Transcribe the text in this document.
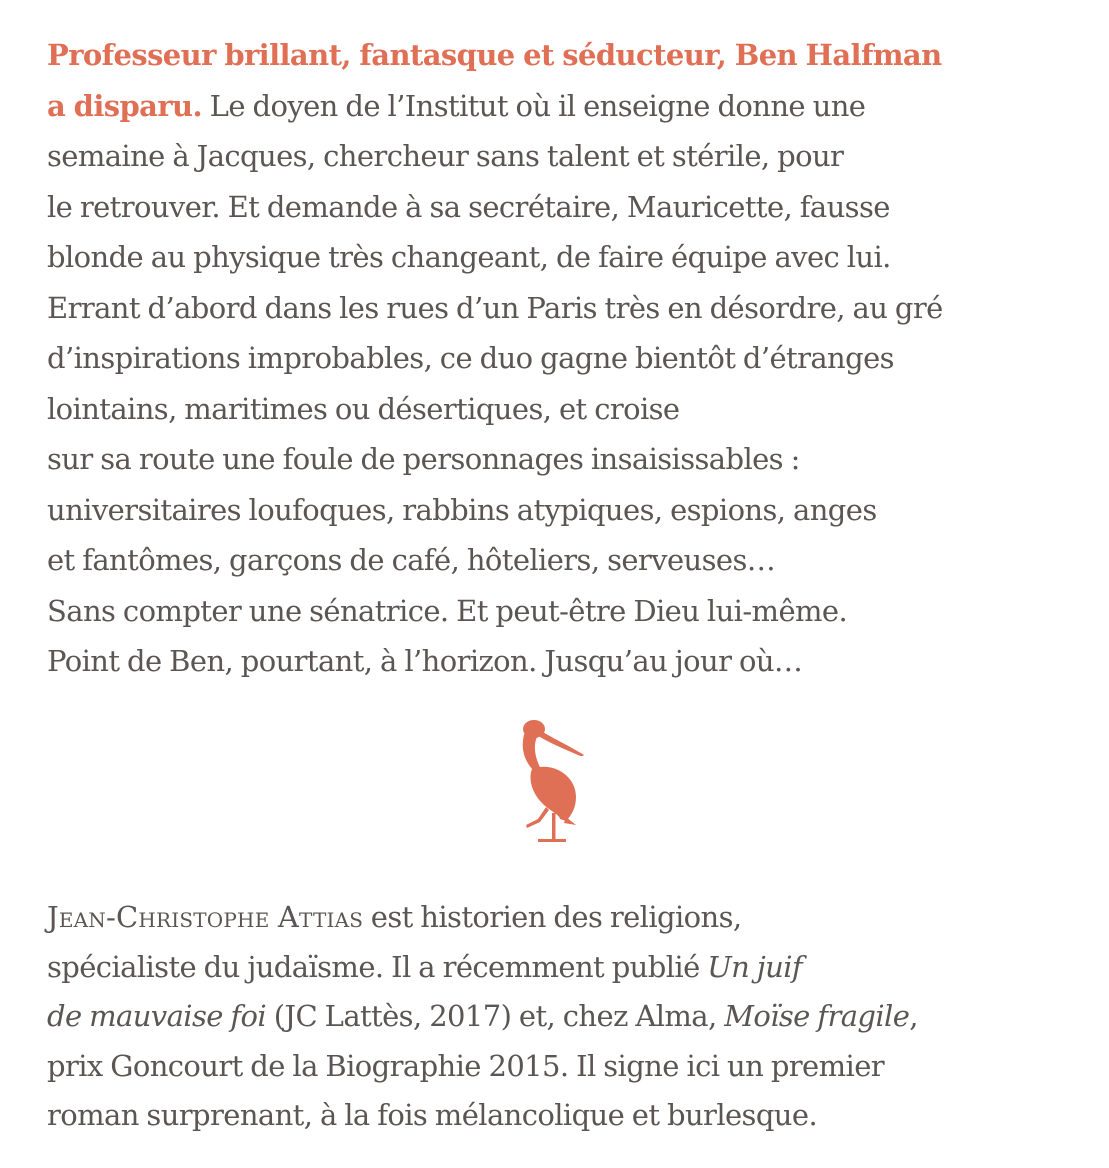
Professeur brillant, fantasque et séducteur, Ben Halfman
a disparu. Le doyen de l’Institut où il enseigne donne une
semaine à Jacques, chercheur sans talent et stérile, pour
le retrouver. Et demande à sa secrétaire, Mauricette, fausse
blonde au physique très changeant, de faire équipe avec lui.
Errant d’abord dans les rues d’un Paris très en désordre, au gré
d’inspirations improbables, ce duo gagne bientôt d’étranges
lointains, maritimes ou désertiques, et croise
sur sa route une foule de personnages insaisissables :
universitaires loufoques, rabbins atypiques, espions, anges
et fantômes, garçons de café, hôteliers, serveuses…
Sans compter une sénatrice. Et peut-être Dieu lui-même.
Point de Ben, pourtant, à l’horizon. Jusqu’au jour où…

Jean-Christophe Attias est historien des religions,
spécialiste du judaïsme. Il a récemment publié Un juif
de mauvaise foi (JC Lattès, 2017) et, chez Alma, Moïse fragile,
prix Goncourt de la Biographie 2015. Il signe ici un premier
roman surprenant, à la fois mélancolique et burlesque.
